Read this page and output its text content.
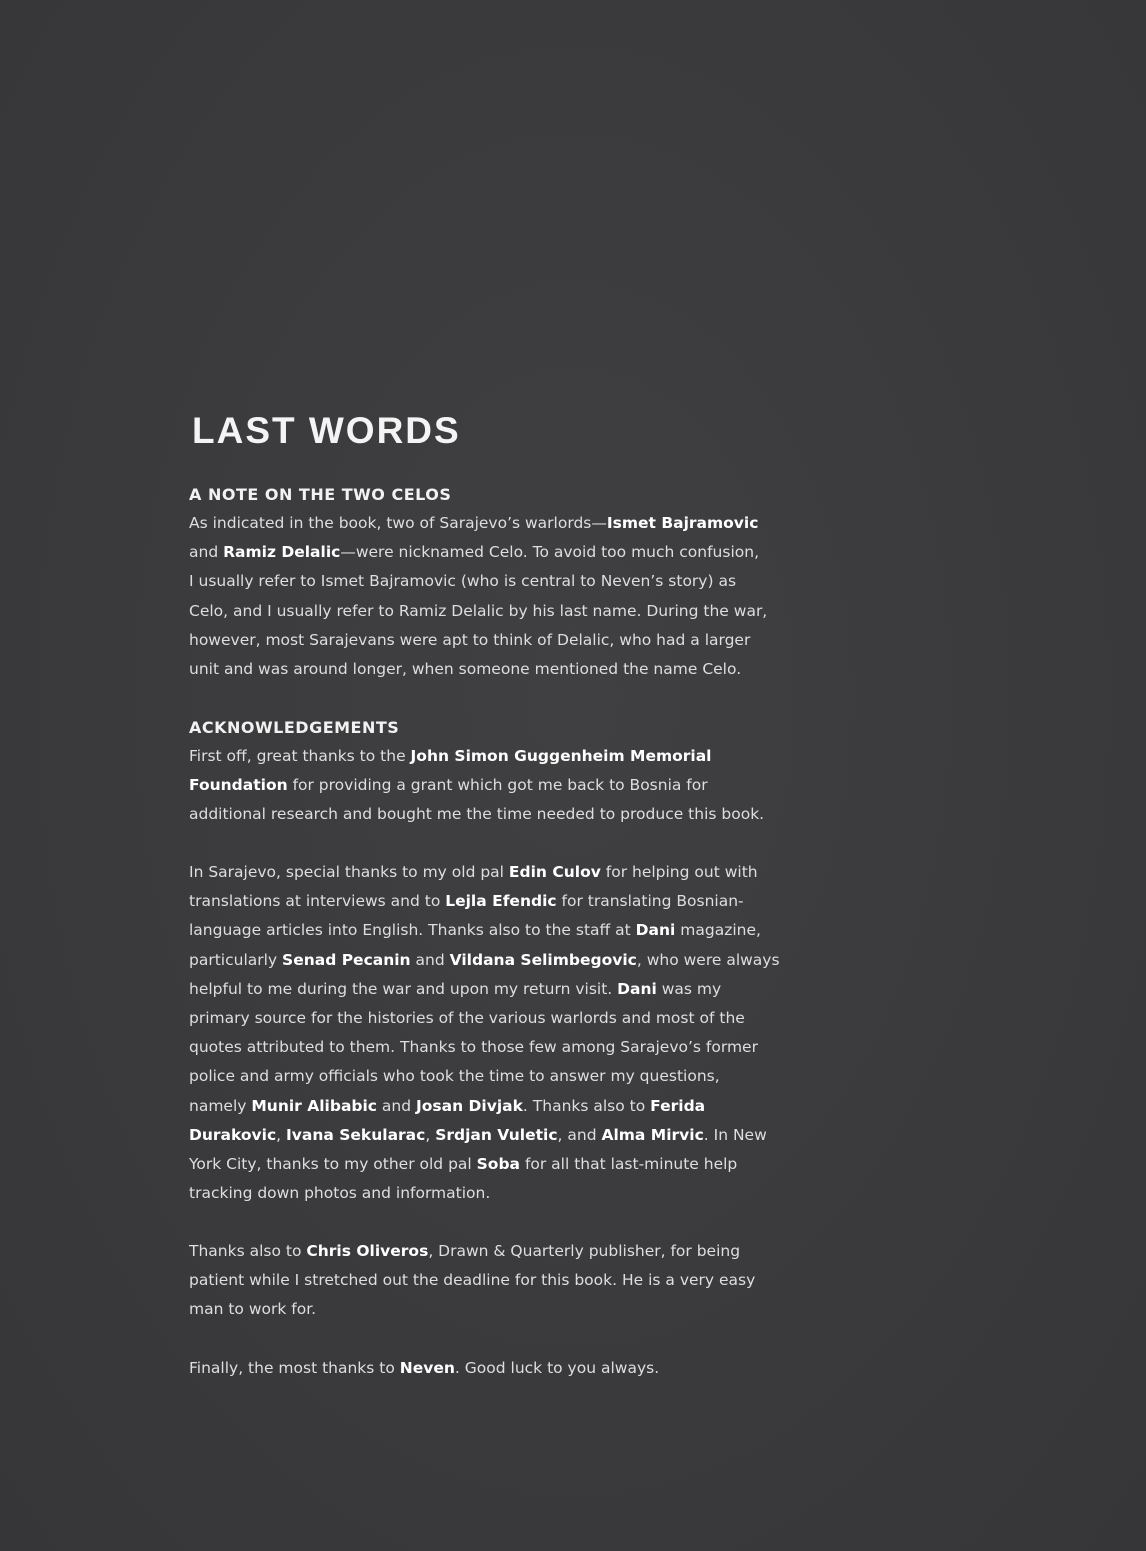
LAST WORDS
A NOTE ON THE TWO CELOS

As indicated in the book, two of Sarajevo’s warlords—Ismet Bajramovic
and Ramiz Delalic—were nicknamed Celo. To avoid too much confusion,
I usually refer to Ismet Bajramovic (who is central to Neven’s story) as
Celo, and I usually refer to Ramiz Delalic by his last name. During the war,
however, most Sarajevans were apt to think of Delalic, who had a larger
unit and was around longer, when someone mentioned the name Celo.

ACKNOWLEDGEMENTS

First off, great thanks to the John Simon Guggenheim Memorial
Foundation for providing a grant which got me back to Bosnia for
additional research and bought me the time needed to produce this book.

In Sarajevo, special thanks to my old pal Edin Culov for helping out with
translations at interviews and to Lejla Efendic for translating Bosnian-
language articles into English. Thanks also to the staff at Dani magazine,
particularly Senad Pecanin and Vildana Selimbegovic, who were always
helpful to me during the war and upon my return visit. Dani was my
primary source for the histories of the various warlords and most of the
quotes attributed to them. Thanks to those few among Sarajevo’s former
police and army officials who took the time to answer my questions,
namely Munir Alibabic and Josan Divjak. Thanks also to Ferida
Durakovic, Ivana Sekularac, Srdjan Vuletic, and Alma Mirvic. In New
York City, thanks to my other old pal Soba for all that last-minute help
tracking down photos and information.

Thanks also to Chris Oliveros, Drawn & Quarterly publisher, for being
patient while I stretched out the deadline for this book. He is a very easy
man to work for.

Finally, the most thanks to Neven. Good luck to you always.
